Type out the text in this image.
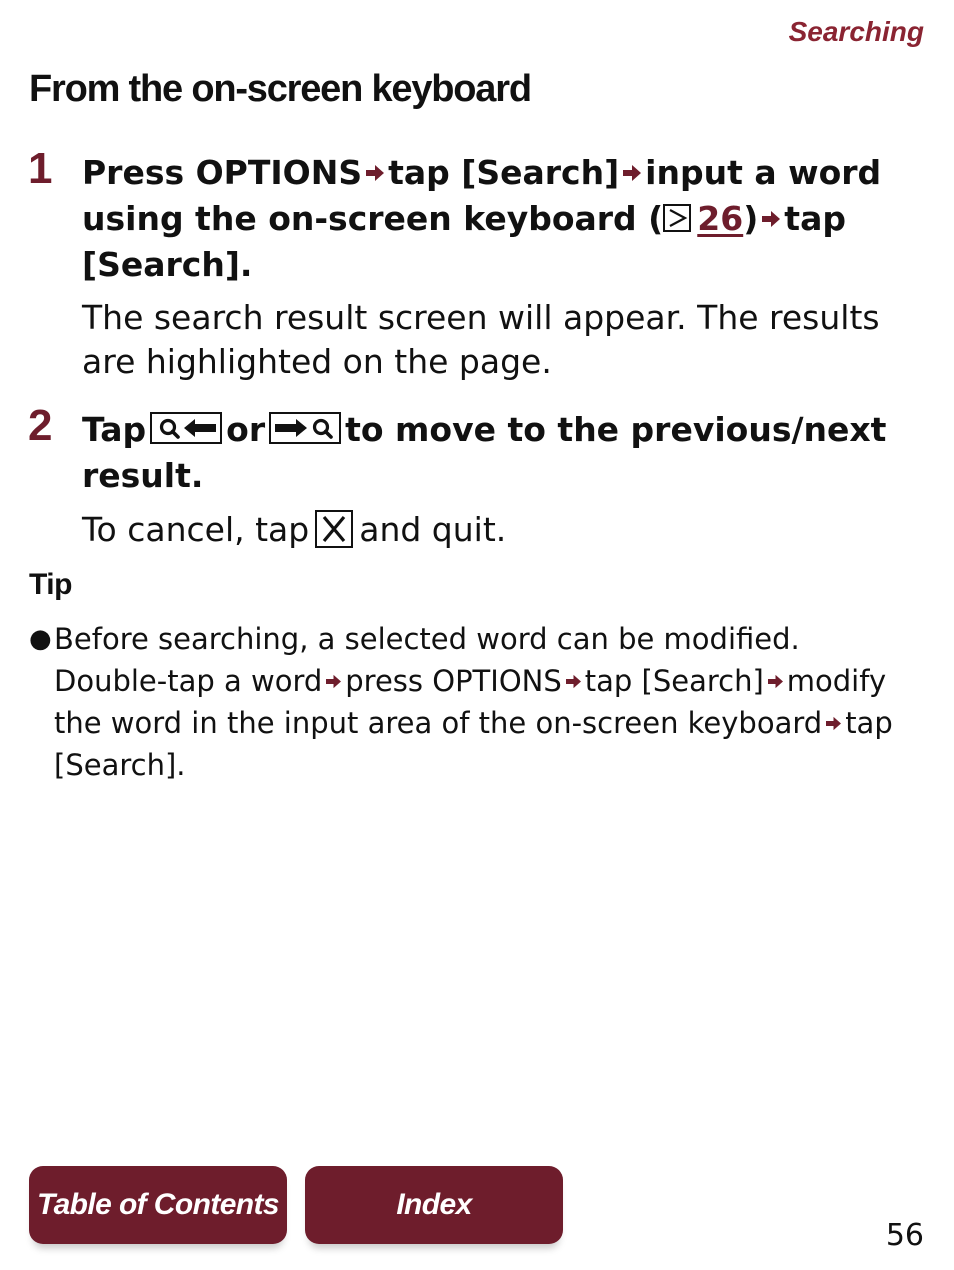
Searching
From the on-screen keyboard
1 Press OPTIONS tap [Search] input a word using the on-screen keyboard ( 26) tap [Search].

The search result screen will appear. The results are highlighted on the page.

2 Tap or to move to the previous/next result.

To cancel, tap and quit.

Tip
● Before searching, a selected word can be modified. Double-tap a word press OPTIONS tap [Search] modify the word in the input area of the on-screen keyboard tap [Search].
Table of Contents	Index
56
